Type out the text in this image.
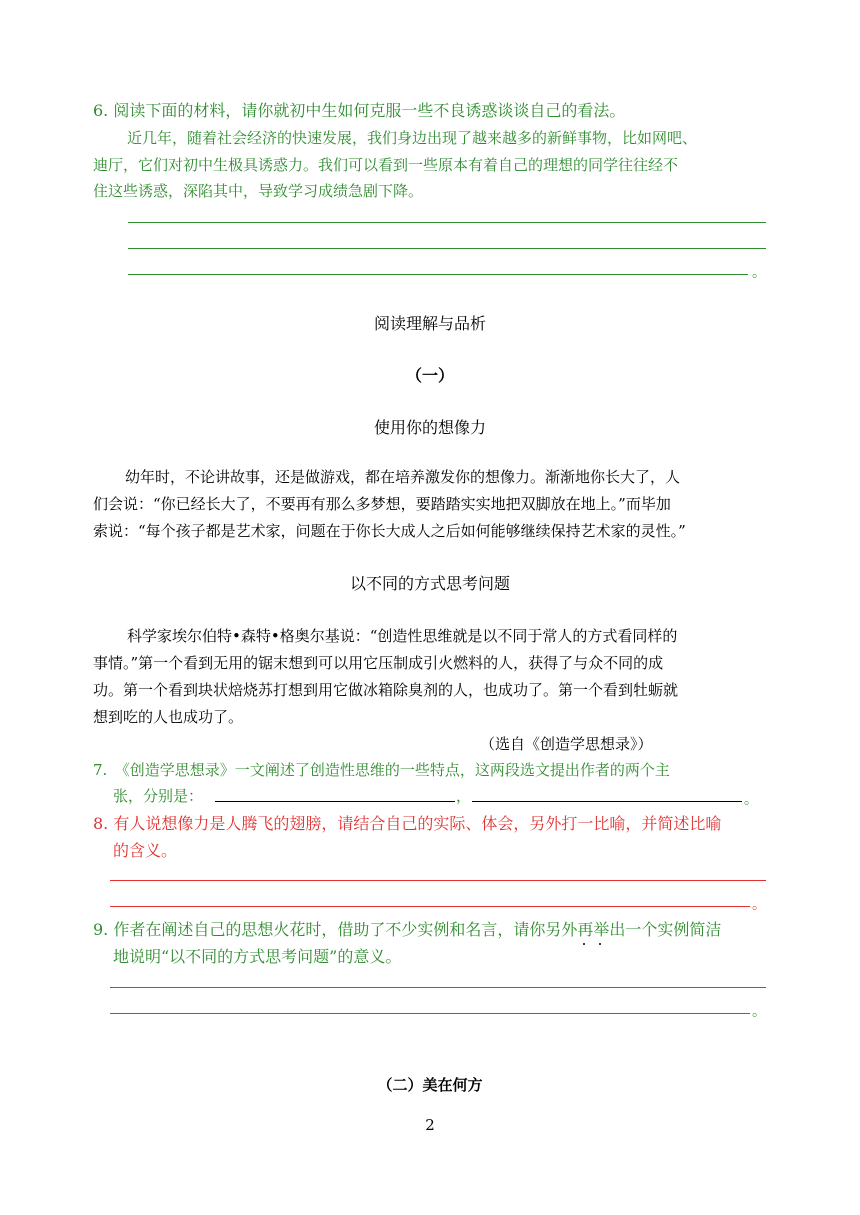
6. 阅读下面的材料，请你就初中生如何克服一些不良诱惑谈谈自己的看法。
近几年，随着社会经济的快速发展，我们身边出现了越来越多的新鲜事物，比如网吧、
迪厅，它们对初中生极具诱惑力。我们可以看到一些原本有着自己的理想的同学往往经不
住这些诱惑，深陷其中，导致学习成绩急剧下降。
。
阅读理解与品析
（一）
使用你的想像力
幼年时，不论讲故事，还是做游戏，都在培养激发你的想像力。渐渐地你长大了，人
们会说：“你已经长大了，不要再有那么多梦想，要踏踏实实地把双脚放在地上。”而毕加
索说：“每个孩子都是艺术家，问题在于你长大成人之后如何能够继续保持艺术家的灵性。”
以不同的方式思考问题
科学家埃尔伯特•森特•格奥尔基说：“创造性思维就是以不同于常人的方式看同样的
事情。”第一个看到无用的锯末想到可以用它压制成引火燃料的人，获得了与众不同的成
功。第一个看到块状焙烧苏打想到用它做冰箱除臭剂的人，也成功了。第一个看到牡蛎就
想到吃的人也成功了。
（选自《创造学思想录》）
7.　《创造学思想录》一文阐述了创造性思维的一些特点，这两段选文提出作者的两个主
张，分别是：	，	。
8. 有人说想像力是人腾飞的翅膀，请结合自己的实际、体会，另外打一比喻，并简述比喻
的含义。
。
9. 作者在阐述自己的思想火花时，借助了不少实例和名言，请你另外再举出一个实例简洁
地说明“以不同的方式思考问题”的意义。
。
（二）美在何方
2
